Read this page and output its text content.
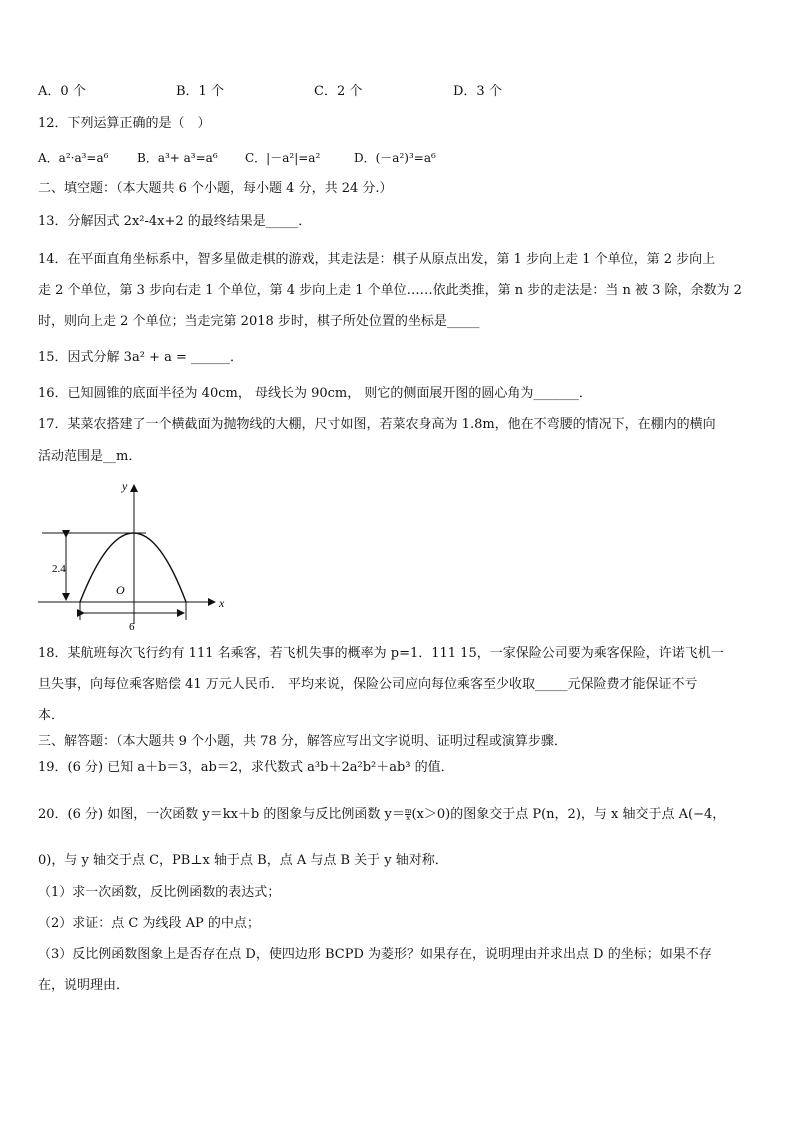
A．0 个	B．1 个	C．2 个	D．3 个
12．下列运算正确的是（　）
A．a²·a³=a⁶ B．a³+ a³=a⁶ C．|－a²|=a²	D．(－a²)³=a⁶
二、填空题：（本大题共 6 个小题，每小题 4 分，共 24 分.）
13．分解因式 2x²-4x+2 的最终结果是_____．
14．在平面直角坐标系中，智多星做走棋的游戏，其走法是：棋子从原点出发，第 1 步向上走 1 个单位，第 2 步向上
走 2 个单位，第 3 步向右走 1 个单位，第 4 步向上走 1 个单位……依此类推，第 n 步的走法是：当 n 被 3 除，余数为 2
时，则向上走 2 个单位；当走完第 2018 步时，棋子所处位置的坐标是_____
15．因式分解 3a² + a = ______．
16．已知圆锥的底面半径为 40cm， 母线长为 90cm， 则它的侧面展开图的圆心角为_______．
17．某菜农搭建了一个横截面为抛物线的大棚，尺寸如图，若菜农身高为 1.8m，他在不弯腰的情况下，在棚内的横向
活动范围是__m．
y
x
2.4
O
6
18．某航班每次飞行约有 111 名乘客，若飞机失事的概率为 p=1．111 15，一家保险公司要为乘客保险，许诺飞机一
旦失事，向每位乘客赔偿 41 万元人民币． 平均来说，保险公司应向每位乘客至少收取_____元保险费才能保证不亏
本．
三、解答题：（本大题共 9 个小题，共 78 分，解答应写出文字说明、证明过程或演算步骤．
19．(6 分) 已知 a＋b＝3，ab＝2，求代数式 a³b＋2a²b²＋ab³ 的值．
20．(6 分) 如图，一次函数 y＝kx＋b 的图象与反比例函数 $y= \frac{m}{x} (x>0)$的图象交于点 P(n，2)，与 x 轴交于点 A(−4，
0)，与 y 轴交于点 C，PB⊥x 轴于点 B，点 A 与点 B 关于 y 轴对称．
（1）求一次函数，反比例函数的表达式；
（2）求证：点 C 为线段 AP 的中点；
（3）反比例函数图象上是否存在点 D，使四边形 BCPD 为菱形？如果存在，说明理由并求出点 D 的坐标；如果不存
在，说明理由．
